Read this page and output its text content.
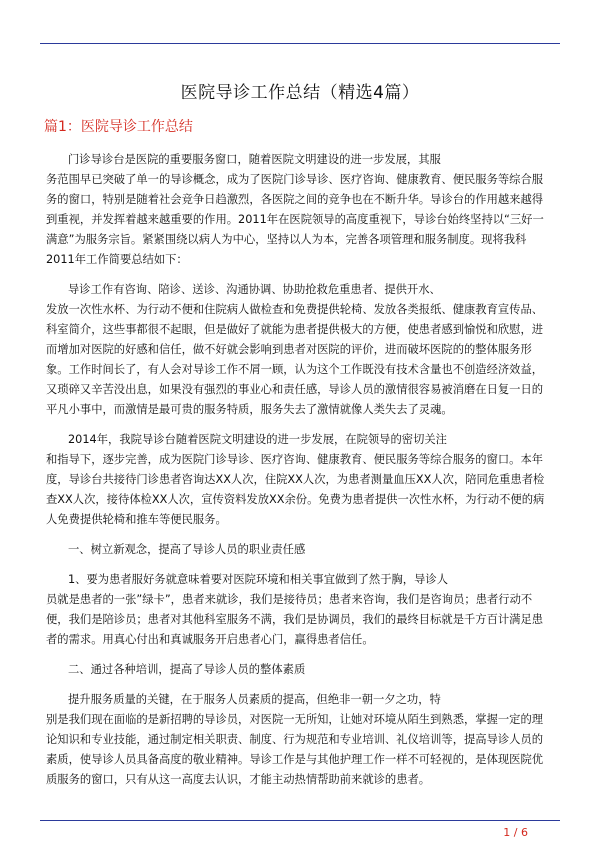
医院导诊工作总结（精选4篇）
篇1：医院导诊工作总结

门诊导诊台是医院的重要服务窗口，随着医院文明建设的进一步发展，其服

务范围早已突破了单一的导诊概念，成为了医院门诊导诊、医疗咨询、健康教育、便民服务等综合服务的窗口，特别是随着社会竞争日趋激烈，各医院之间的竞争也在不断升华。导诊台的作用越来越得到重视，并发挥着越来越重要的作用。2011年在医院领导的高度重视下，导诊台始终坚持以“三好一满意”为服务宗旨。紧紧围绕以病人为中心，坚持以人为本，完善各项管理和服务制度。现将我科2011年工作简要总结如下：

导诊工作有咨询、陪诊、送诊、沟通协调、协助抢救危重患者、提供开水、

发放一次性水杯、为行动不便和住院病人做检查和免费提供轮椅、发放各类报纸、健康教育宣传品、科室简介，这些事都很不起眼，但是做好了就能为患者提供极大的方便，使患者感到愉悦和欣慰，进而增加对医院的好感和信任，做不好就会影响到患者对医院的评价，进而破坏医院的的整体服务形象。工作时间长了，有人会对导诊工作不屑一顾，认为这个工作既没有技术含量也不创造经济效益，又琐碎又辛苦没出息，如果没有强烈的事业心和责任感，导诊人员的激情很容易被消磨在日复一日的平凡小事中，而激情是最可贵的服务特质，服务失去了激情就像人类失去了灵魂。

2014年，我院导诊台随着医院文明建设的进一步发展，在院领导的密切关注

和指导下，逐步完善，成为医院门诊导诊、医疗咨询、健康教育、便民服务等综合服务的窗口。本年度，导诊台共接待门诊患者咨询达XX人次，住院XX人次，为患者测量血压XX人次，陪同危重患者检查XX人次，接待体检XX人次，宣传资料发放XX余份。免费为患者提供一次性水杯，为行动不便的病人免费提供轮椅和推车等便民服务。

一、树立新观念，提高了导诊人员的职业责任感

1、要为患者服好务就意味着要对医院环境和相关事宜做到了然于胸，导诊人

员就是患者的一张”绿卡”，患者来就诊，我们是接待员；患者来咨询，我们是咨询员；患者行动不便，我们是陪诊员；患者对其他科室服务不满，我们是协调员，我们的最终目标就是千方百计满足患者的需求。用真心付出和真诚服务开启患者心门，赢得患者信任。

二、通过各种培训，提高了导诊人员的整体素质

提升服务质量的关键，在于服务人员素质的提高，但绝非一朝一夕之功，特

别是我们现在面临的是新招聘的导诊员，对医院一无所知，让她对环境从陌生到熟悉，掌握一定的理论知识和专业技能，通过制定相关职责、制度、行为规范和专业培训、礼仪培训等，提高导诊人员的素质，使导诊人员具备高度的敬业精神。导诊工作是与其他护理工作一样不可轻视的，是体现医院优质服务的窗口，只有从这一高度去认识，才能主动热情帮助前来就诊的患者。

1 / 6
